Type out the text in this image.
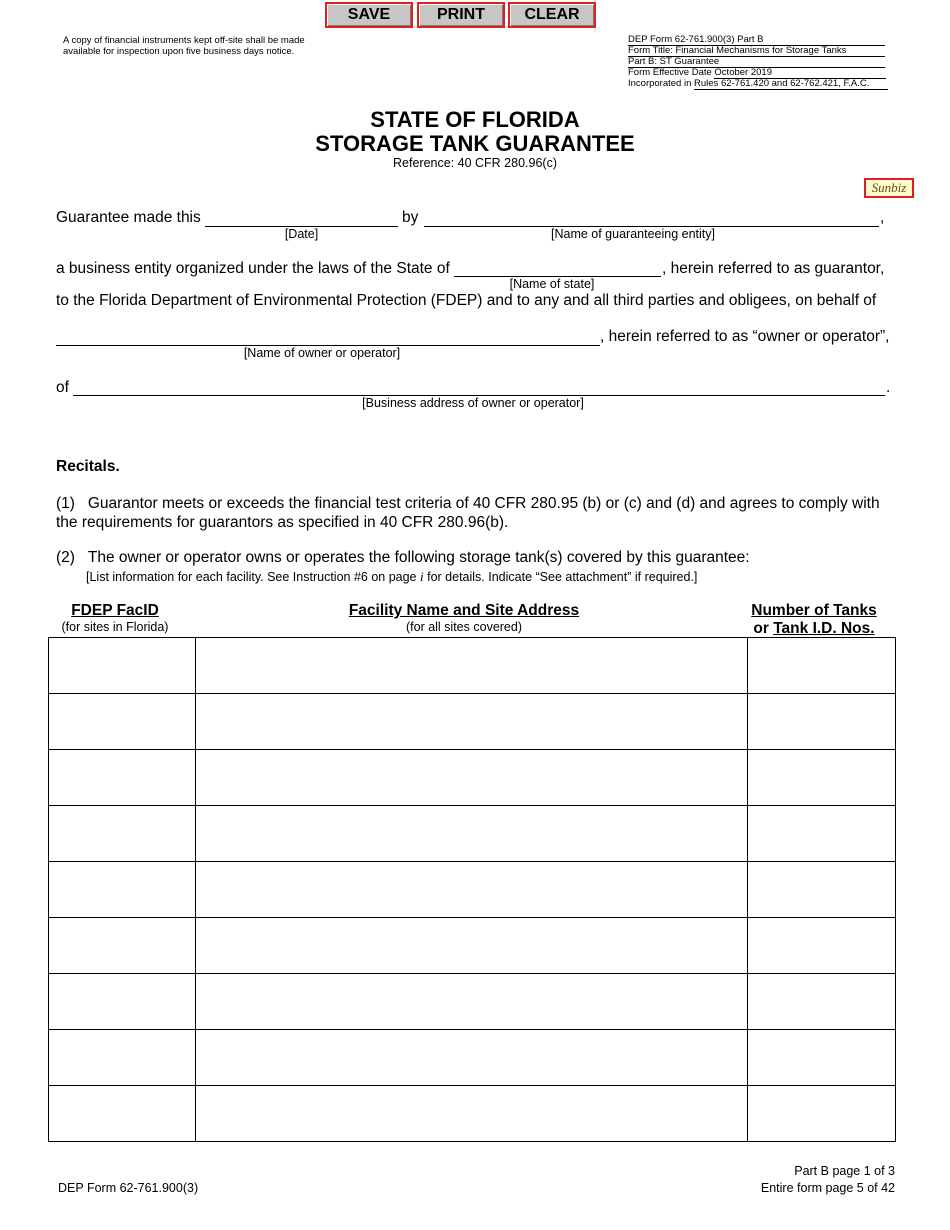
SAVE	PRINT	CLEAR
A copy of financial instruments kept off-site shall be made
available for inspection upon five business days notice.
DEP Form 62-761.900(3) Part B
Form Title: Financial Mechanisms for Storage Tanks
Part B: ST Guarantee
Form Effective Date October 2019
Incorporated in Rules 62-761.420 and 62-762.421, F.A.C.
STATE OF FLORIDA
STORAGE TANK GUARANTEE
Reference: 40 CFR 280.96(c)
Sunbiz
Guarantee made this	by	,
[Date]	[Name of guaranteeing entity]
a business entity organized under the laws of the State of	, herein referred to as guarantor,
[Name of state]
to the Florida Department of Environmental Protection (FDEP) and to any and all third parties and obligees, on behalf of
, herein referred to as “owner or operator”,
[Name of owner or operator]
of	.
[Business address of owner or operator]
Recitals.
(1) Guarantor meets or exceeds the financial test criteria of 40 CFR 280.95 (b) or (c) and (d) and agrees to comply with
the requirements for guarantors as specified in 40 CFR 280.96(b).
(2) The owner or operator owns or operates the following storage tank(s) covered by this guarantee:
[List information for each facility. See Instruction #6 on page i for details. Indicate “See attachment” if required.]
FDEP FacID
(for sites in Florida)
Facility Name and Site Address
(for all sites covered)
Number of Tanks
or Tank I.D. Nos.

DEP Form 62-761.900(3)
Part B page 1 of 3
Entire form page 5 of 42
